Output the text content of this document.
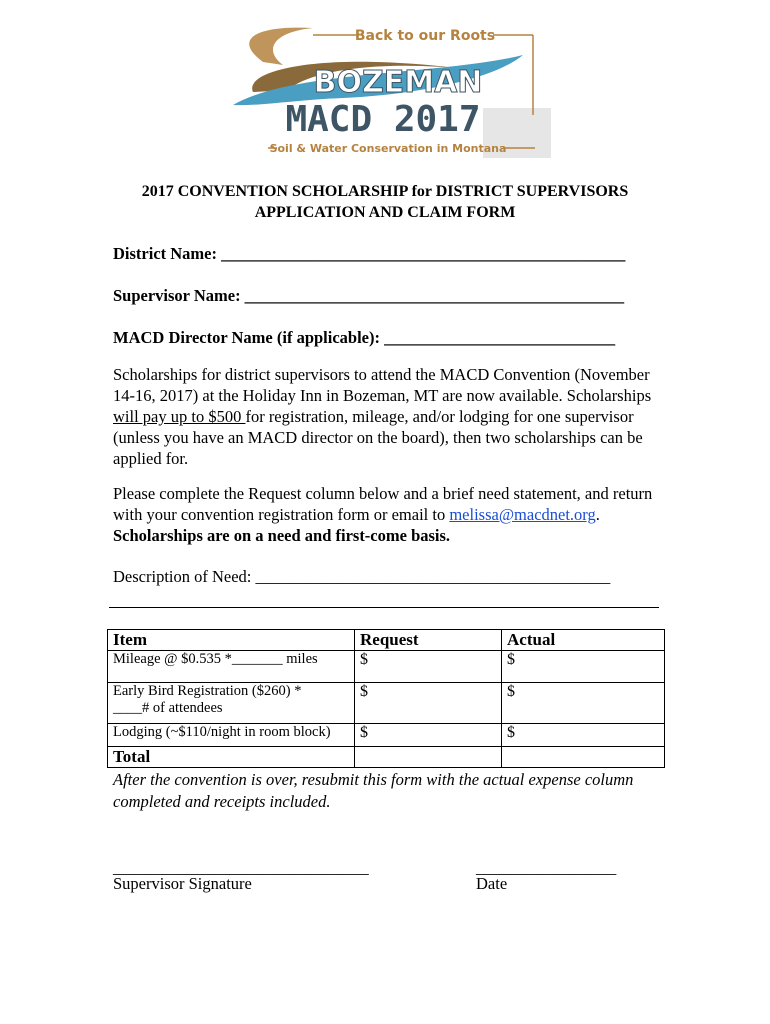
Back to our Roots
BOZEMAN
MACD 2017
Soil & Water Conservation in Montana
2017 CONVENTION SCHOLARSHIP for DISTRICT SUPERVISORS
APPLICATION AND CLAIM FORM
District Name: _________________________________________________
Supervisor Name: ______________________________________________
MACD Director Name (if applicable): ____________________________
Scholarships for district supervisors to attend the MACD Convention (November 14-16, 2017) at the Holiday Inn in Bozeman, MT are now available. Scholarships will pay up to $500 for registration, mileage, and/or lodging for one supervisor (unless you have an MACD director on the board), then two scholarships can be applied for.
Please complete the Request column below and a brief need statement, and return with your convention registration form or email to melissa@macdnet.org. Scholarships are on a need and first-come basis.
Description of Need: ___________________________________________
Item	Request	Actual
Mileage @ $0.535 *_______ miles	$	$

Early Bird Registration ($260) *
____# of attendees	$	$
Lodging (~$110/night in room block)	$	$
Total		
After the convention is over, resubmit this form with the actual expense column completed and receipts included.
_______________________________
Supervisor Signature
_________________
Date
